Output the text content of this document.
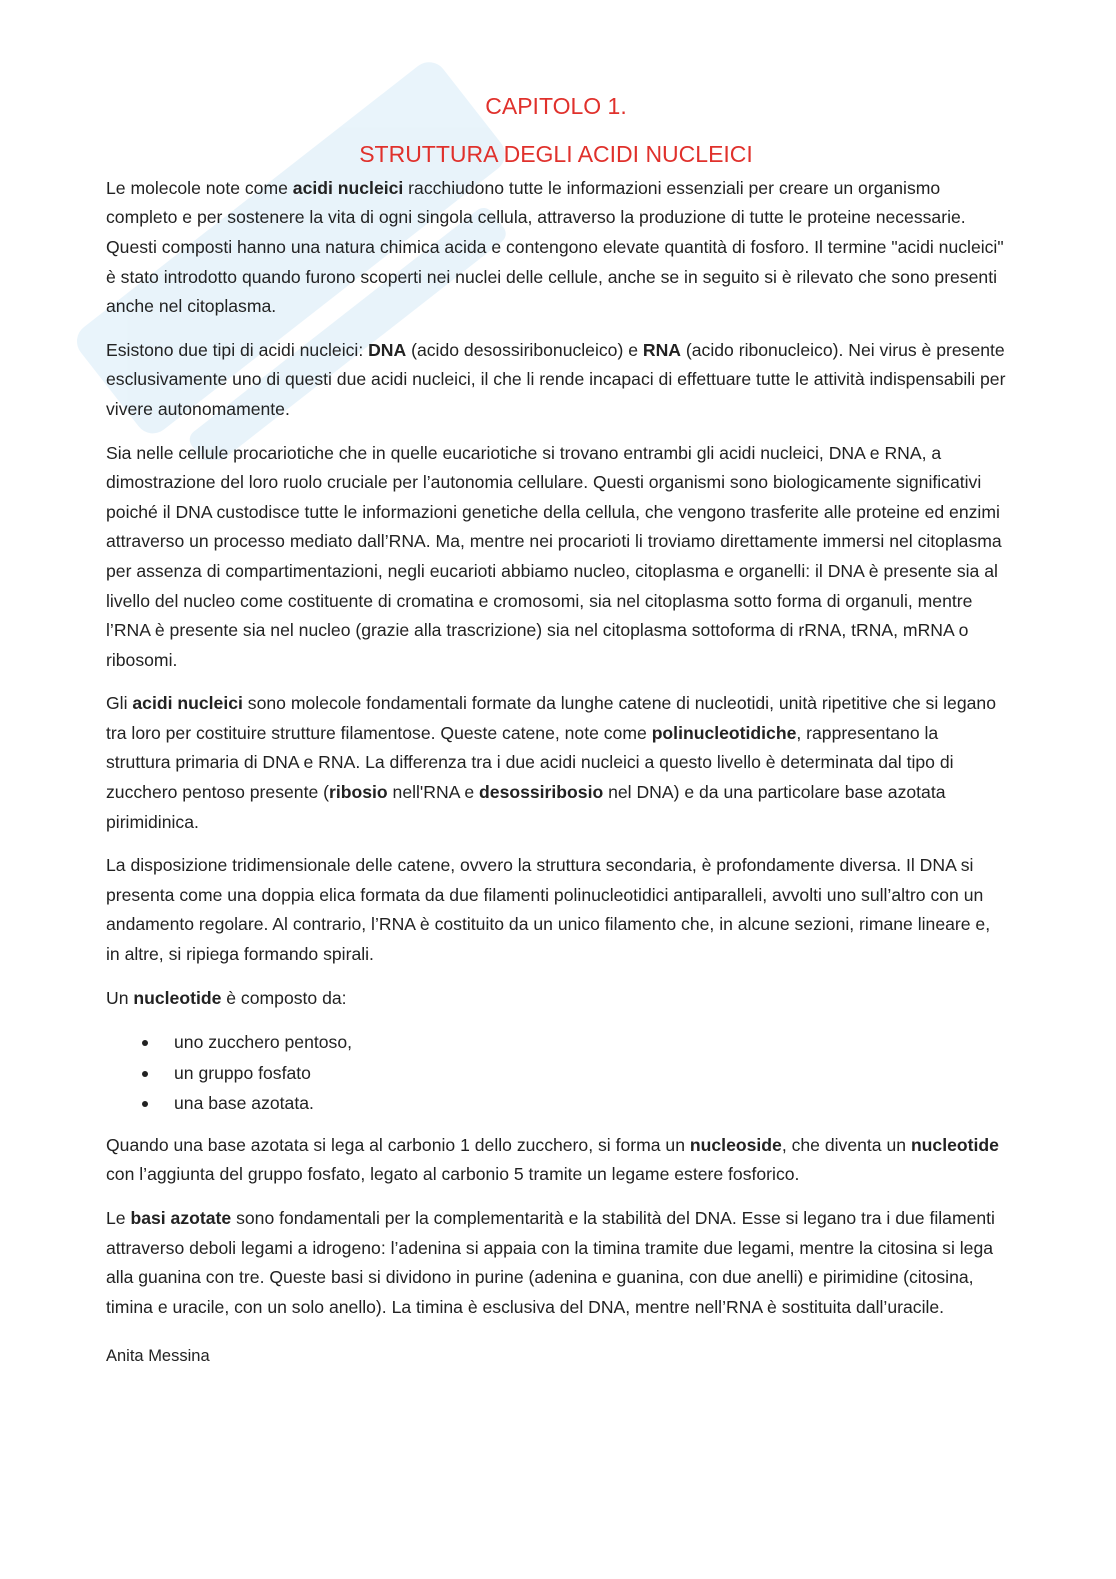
CAPITOLO 1.
STRUTTURA DEGLI ACIDI NUCLEICI

Le molecole note come acidi nucleici racchiudono tutte le informazioni essenziali per creare un organismo completo e per sostenere la vita di ogni singola cellula, attraverso la produzione di tutte le proteine necessarie. Questi composti hanno una natura chimica acida e contengono elevate quantità di fosforo. Il termine "acidi nucleici" è stato introdotto quando furono scoperti nei nuclei delle cellule, anche se in seguito si è rilevato che sono presenti anche nel citoplasma.

Esistono due tipi di acidi nucleici: DNA (acido desossiribonucleico) e RNA (acido ribonucleico). Nei virus è presente esclusivamente uno di questi due acidi nucleici, il che li rende incapaci di effettuare tutte le attività indispensabili per vivere autonomamente.

Sia nelle cellule procariotiche che in quelle eucariotiche si trovano entrambi gli acidi nucleici, DNA e RNA, a dimostrazione del loro ruolo cruciale per l’autonomia cellulare. Questi organismi sono biologicamente significativi poiché il DNA custodisce tutte le informazioni genetiche della cellula, che vengono trasferite alle proteine ed enzimi attraverso un processo mediato dall’RNA. Ma, mentre nei procarioti li troviamo direttamente immersi nel citoplasma per assenza di compartimentazioni, negli eucarioti abbiamo nucleo, citoplasma e organelli: il DNA è presente sia al livello del nucleo come costituente di cromatina e cromosomi, sia nel citoplasma sotto forma di organuli, mentre l’RNA è presente sia nel nucleo (grazie alla trascrizione) sia nel citoplasma sottoforma di rRNA, tRNA, mRNA o ribosomi.

Gli acidi nucleici sono molecole fondamentali formate da lunghe catene di nucleotidi, unità ripetitive che si legano tra loro per costituire strutture filamentose. Queste catene, note come polinucleotidiche, rappresentano la struttura primaria di DNA e RNA. La differenza tra i due acidi nucleici a questo livello è determinata dal tipo di zucchero pentoso presente (ribosio nell'RNA e desossiribosio nel DNA) e da una particolare base azotata pirimidinica.

La disposizione tridimensionale delle catene, ovvero la struttura secondaria, è profondamente diversa. Il DNA si presenta come una doppia elica formata da due filamenti polinucleotidici antiparalleli, avvolti uno sull’altro con un andamento regolare. Al contrario, l’RNA è costituito da un unico filamento che, in alcune sezioni, rimane lineare e, in altre, si ripiega formando spirali.

Un nucleotide è composto da:

uno zucchero pentoso,
un gruppo fosfato
una base azotata.

Quando una base azotata si lega al carbonio 1 dello zucchero, si forma un nucleoside, che diventa un nucleotide con l’aggiunta del gruppo fosfato, legato al carbonio 5 tramite un legame estere fosforico.

Le basi azotate sono fondamentali per la complementarità e la stabilità del DNA. Esse si legano tra i due filamenti attraverso deboli legami a idrogeno: l’adenina si appaia con la timina tramite due legami, mentre la citosina si lega alla guanina con tre. Queste basi si dividono in purine (adenina e guanina, con due anelli) e pirimidine (citosina, timina e uracile, con un solo anello). La timina è esclusiva del DNA, mentre nell’RNA è sostituita dall’uracile.

Anita Messina
